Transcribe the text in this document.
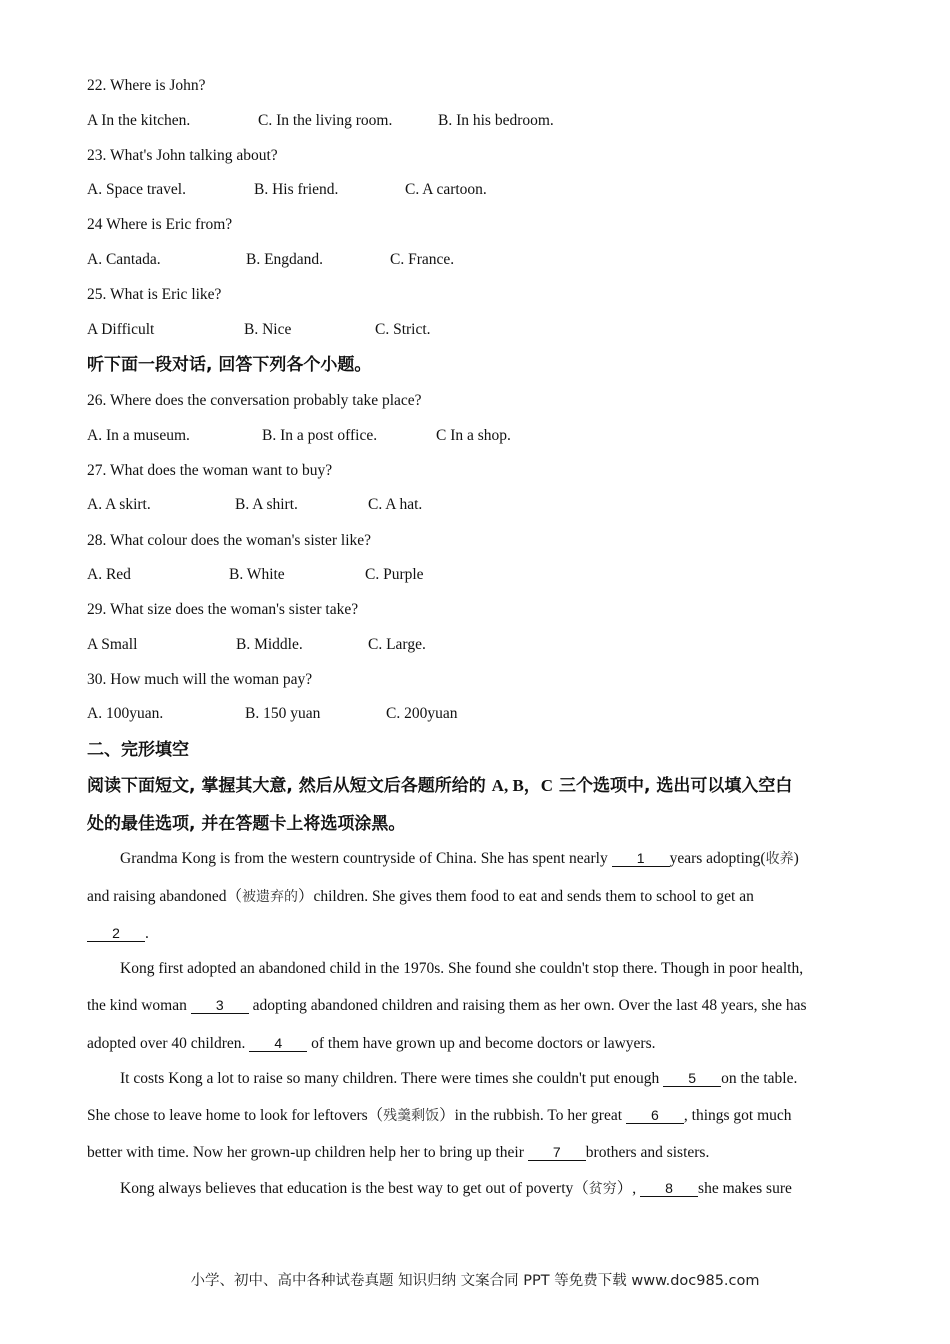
22. Where is John?
A In the kitchen.	C. In the living room.	B. In his bedroom.
23. What's John talking about?
A. Space travel.	B. His friend.	C. A cartoon.
24 Where is Eric from?
A. Cantada.	B. Engdand.	C. France.
25. What is Eric like?
A Difficult	B. Nice	C. Strict.
听下面一段对话, 回答下列各个小题。
26. Where does the conversation probably take place?
A. In a museum.	B. In a post office.	C In a shop.
27. What does the woman want to buy?
A. A skirt.	B. A shirt.	C. A hat.
28. What colour does the woman's sister like?
A. Red	B. White	C. Purple
29. What size does the woman's sister take?
A Small	B. Middle.	C. Large.
30. How much will the woman pay?
A. 100yuan.	B. 150 yuan	C. 200yuan
二、完形填空
阅读下面短文, 掌握其大意, 然后从短文后各题所给的 A, B，C 三个选项中, 选出可以填入空白
处的最佳选项, 并在答题卡上将选项涂黑。
Grandma Kong is from the western countryside of China. She has spent nearly 1 years adopting(收养)
and raising abandoned（被遗弃的）children. She gives them food to eat and sends them to school to get an
2 .
Kong first adopted an abandoned child in the 1970s. She found she couldn't stop there. Though in poor health,
the kind woman 3 adopting abandoned children and raising them as her own. Over the last 48 years, she has
adopted over 40 children. 4 of them have grown up and become doctors or lawyers.
It costs Kong a lot to raise so many children. There were times she couldn't put enough 5 on the table.
She chose to leave home to look for leftovers（残羹剩饭）in the rubbish. To her great 6 , things got much
better with time. Now her grown-up children help her to bring up their 7 brothers and sisters.
Kong always believes that education is the best way to get out of poverty（贫穷）, 8 she makes sure
小学、初中、高中各种试卷真题 知识归纳 文案合同 PPT 等免费下载 www.doc985.com
